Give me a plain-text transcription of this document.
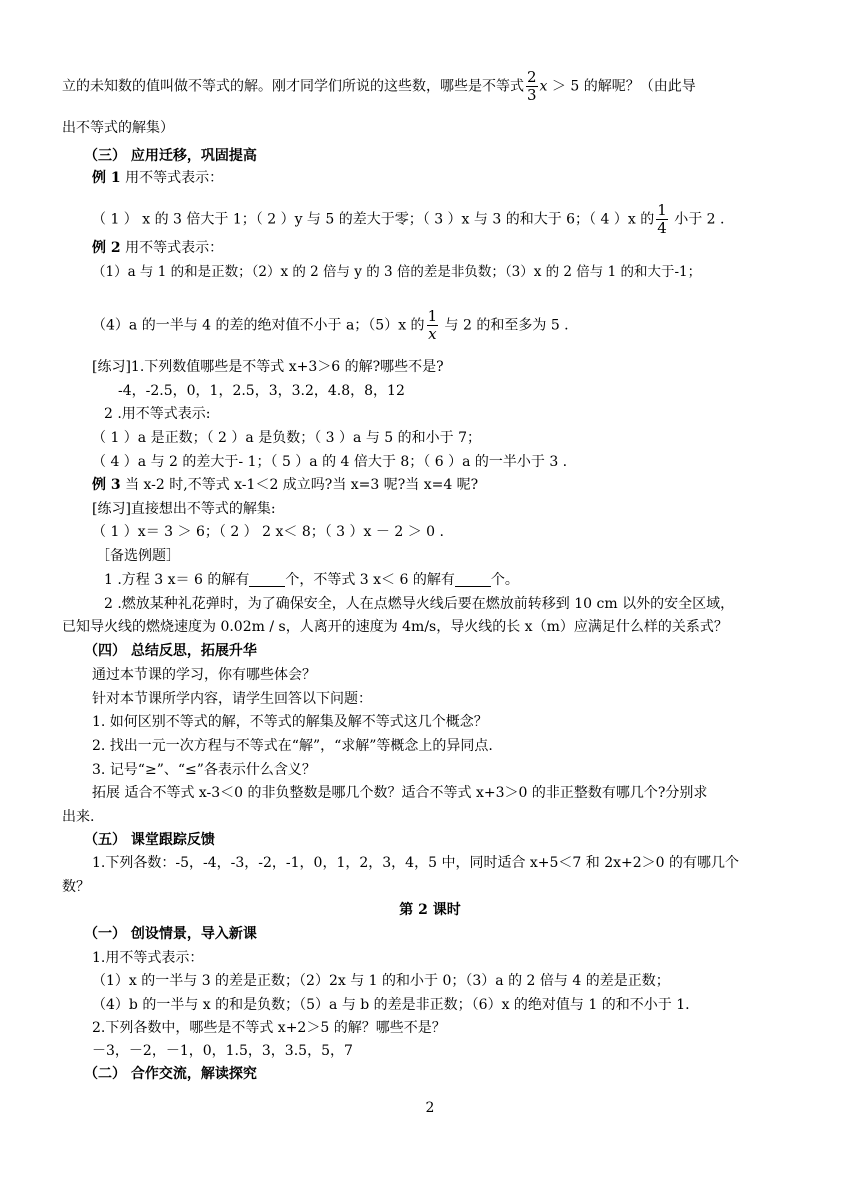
立的未知数的值叫做不等式的解。刚才同学们所说的这些数，哪些是不等式 $\frac{2}{3}$ x ＞ 5 的解呢？（由此导
出不等式的解集）
（三） 应用迁移，巩固提高
例 1 用不等式表示：
（ 1 ） x 的 3 倍大于 1；（ 2 ）y 与 5 的差大于零；（ 3 ）x 与 3 的和大于 6；（ 4 ）x 的 $\frac{1}{4}$ 小于 2 .
例 2 用不等式表示：
（1）a 与 1 的和是正数；（2）x 的 2 倍与 y 的 3 倍的差是非负数；（3）x 的 2 倍与 1 的和大于-1；
（4）a 的一半与 4 的差的绝对值不小于 a；（5）x 的 $\frac{1}{x}$ 与 2 的和至多为 5 .
[练习]1.下列数值哪些是不等式 x+3＞6 的解?哪些不是?
-4，-2.5，0，1，2.5，3，3.2，4.8，8，12
2 .用不等式表示:
（ 1 ）a 是正数；（ 2 ）a 是负数；（ 3 ）a 与 5 的和小于 7；
（ 4 ）a 与 2 的差大于- 1；（ 5 ）a 的 4 倍大于 8；（ 6 ）a 的一半小于 3 .
例 3 当 x-2 时,不等式 x-1＜2 成立吗?当 x=3 呢?当 x=4 呢?
[练习]直接想出不等式的解集:
（ 1 ）x＝ 3 ＞ 6；（ 2 ） 2 x＜ 8；（ 3 ）x － 2 ＞ 0 .
［备选例题］
1 .方程 3 x＝ 6 的解有	个，不等式 3 x＜ 6 的解有	个。
2 .燃放某种礼花弹时，为了确保安全，人在点燃导火线后要在燃放前转移到 10 cm 以外的安全区域，
已知导火线的燃烧速度为 0.02m / s，人离开的速度为 4m/s，导火线的长 x（m）应满足什么样的关系式？
（四） 总结反思，拓展升华
通过本节课的学习，你有哪些体会？
针对本节课所学内容，请学生回答以下问题：
1. 如何区别不等式的解，不等式的解集及解不等式这几个概念？
2. 找出一元一次方程与不等式在“解”，“求解”等概念上的异同点.
3. 记号“≥”、“≤”各表示什么含义？
拓展 适合不等式 x-3＜0 的非负整数是哪几个数？适合不等式 x+3＞0 的非正整数有哪几个?分别求
出来.
（五） 课堂跟踪反馈
1.下列各数：-5，-4，-3，-2，-1，0，1，2，3，4，5 中，同时适合 x+5＜7 和 2x+2＞0 的有哪几个
数？
第 2 课时
（一） 创设情景，导入新课
1.用不等式表示：
（1）x 的一半与 3 的差是正数；（2）2x 与 1 的和小于 0；（3）a 的 2 倍与 4 的差是正数；
（4）b 的一半与 x 的和是负数；（5）a 与 b 的差是非正数；（6）x 的绝对值与 1 的和不小于 1.
2.下列各数中，哪些是不等式 x+2＞5 的解？哪些不是？
－3，－2，－1，0，1.5，3，3.5，5，7
（二） 合作交流，解读探究
2
